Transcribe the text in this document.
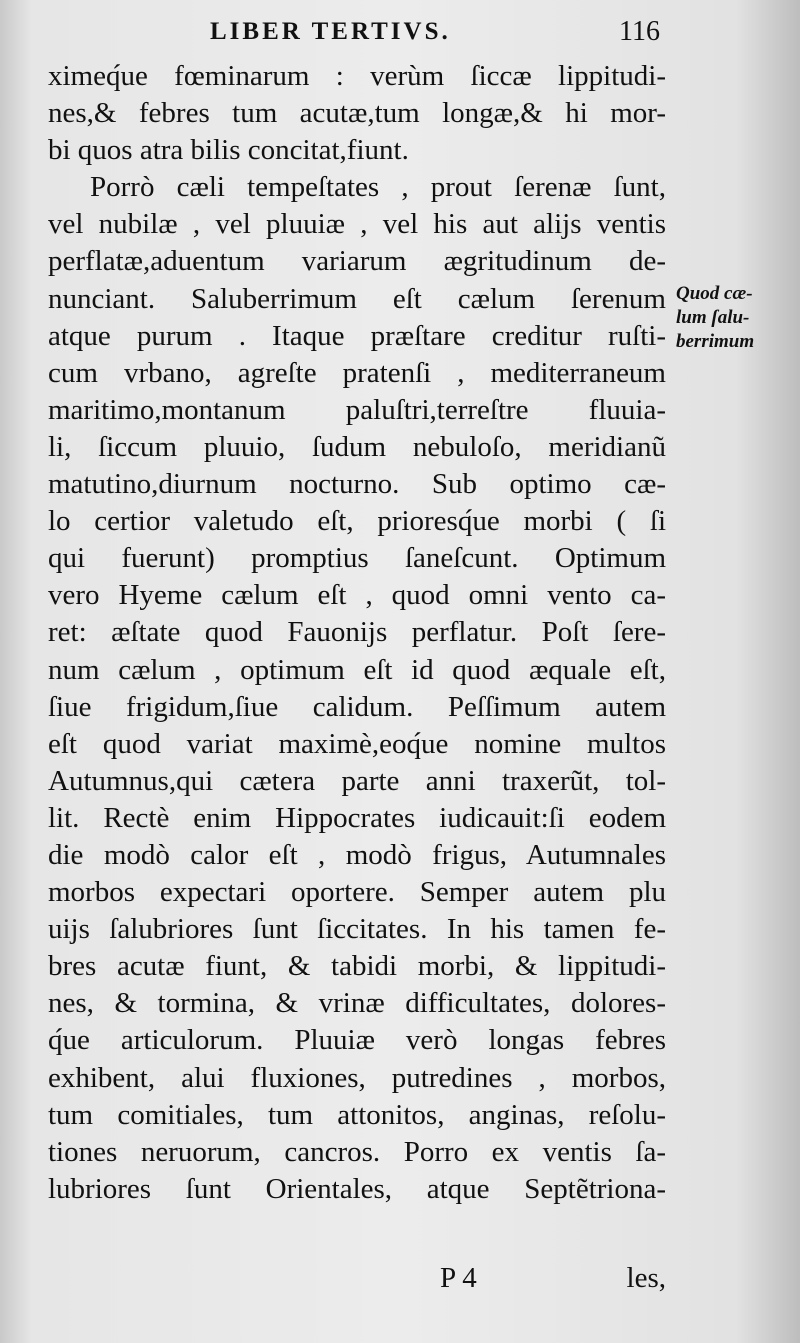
LIBER TERTIVS.	116
ximeq́ue fœminarum : verùm ſiccæ lippitudi-
nes,& febres tum acutæ,tum longæ,& hi mor-
bi quos atra bilis concitat,fiunt.
Porrò cæli tempeſtates , prout ſerenæ ſunt,
vel nubilæ , vel pluuiæ , vel his aut alijs ventis
perflatæ,aduentum variarum ægritudinum de-
nunciant. Saluberrimum eſt cælum ſerenum
atque purum . Itaque præſtare creditur ruſti-
cum vrbano, agreſte pratenſi , mediterraneum
maritimo,montanum paluſtri,terreſtre fluuia-
li, ſiccum pluuio, ſudum nebuloſo, meridianũ
matutino,diurnum nocturno. Sub optimo cæ-
lo certior valetudo eſt, prioresq́ue morbi ( ſi
qui fuerunt) promptius ſaneſcunt. Optimum
vero Hyeme cælum eſt , quod omni vento ca-
ret: æſtate quod Fauonijs perflatur. Poſt ſere-
num cælum , optimum eſt id quod æquale eſt,
ſiue frigidum,ſiue calidum. Peſſimum autem
eſt quod variat maximè,eoq́ue nomine multos
Autumnus,qui cætera parte anni traxerũt, tol-
lit. Rectè enim Hippocrates iudicauit:ſi eodem
die modò calor eſt , modò frigus, Autumnales
morbos expectari oportere. Semper autem plu
uijs ſalubriores ſunt ſiccitates. In his tamen fe-
bres acutæ fiunt, & tabidi morbi, & lippitudi-
nes, & tormina, & vrinæ difficultates, dolores-
q́ue articulorum. Pluuiæ verò longas febres
exhibent, alui fluxiones, putredines , morbos,
tum comitiales, tum attonitos, anginas, reſolu-
tiones neruorum, cancros. Porro ex ventis ſa-
lubriores ſunt Orientales, atque Septẽtriona-
Quod cæ-
lum ſalu-
berrimum
P 4	les,
